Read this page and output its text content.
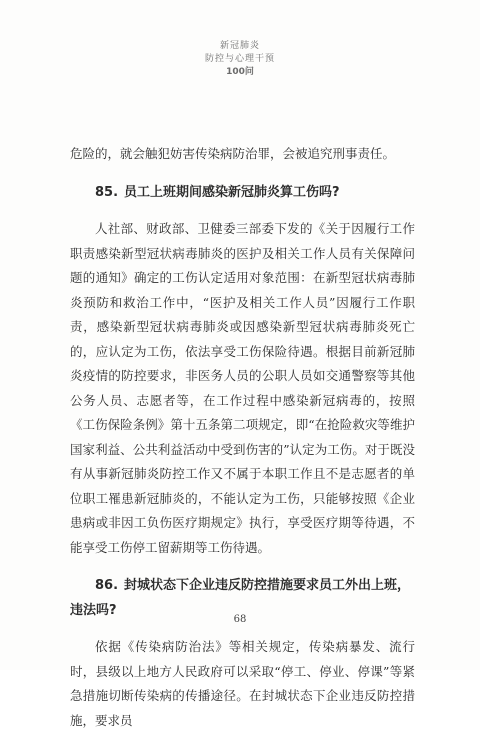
新冠肺炎
防控与心理干预
100问

危险的，就会触犯妨害传染病防治罪，会被追究刑事责任。

85. 员工上班期间感染新冠肺炎算工伤吗?

人社部、财政部、卫健委三部委下发的《关于因履行工作职责感染新型冠状病毒肺炎的医护及相关工作人员有关保障问题的通知》确定的工伤认定适用对象范围：在新型冠状病毒肺炎预防和救治工作中，“医护及相关工作人员”因履行工作职责，感染新型冠状病毒肺炎或因感染新型冠状病毒肺炎死亡的，应认定为工伤，依法享受工伤保险待遇。根据目前新冠肺炎疫情的防控要求，非医务人员的公职人员如交通警察等其他公务人员、志愿者等，在工作过程中感染新冠病毒的，按照《工伤保险条例》第十五条第二项规定，即“在抢险救灾等维护国家利益、公共利益活动中受到伤害的”认定为工伤。对于既没有从事新冠肺炎防控工作又不属于本职工作且不是志愿者的单位职工罹患新冠肺炎的，不能认定为工伤，只能够按照《企业患病或非因工负伤医疗期规定》执行，享受医疗期等待遇，不能享受工伤停工留薪期等工伤待遇。

86. 封城状态下企业违反防控措施要求员工外出上班，违法吗?

依据《传染病防治法》等相关规定，传染病暴发、流行时，县级以上地方人民政府可以采取“停工、停业、停课”等紧急措施切断传染病的传播途径。在封城状态下企业违反防控措施，要求员

68
